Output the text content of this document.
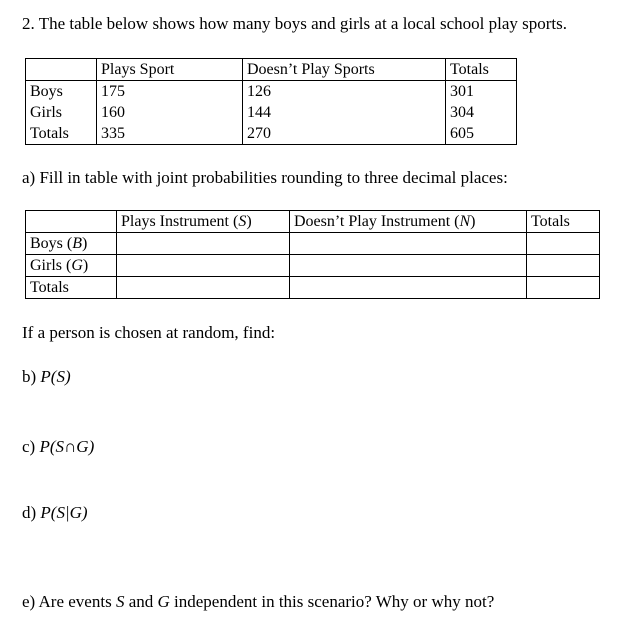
2. The table below shows how many boys and girls at a local school play sports.
	Plays Sport	Doesn’t Play Sports	Totals
Boys	175	126	301
Girls	160	144	304
Totals	335	270	605
a) Fill in table with joint probabilities rounding to three decimal places:
	Plays Instrument (S)	Doesn’t Play Instrument (N)	Totals
Boys (B)			
Girls (G)			
Totals			
If a person is chosen at random, find:
b) P(S)
c) P(S∩G)
d) P(S|G)
e) Are events S and G independent in this scenario? Why or why not?
